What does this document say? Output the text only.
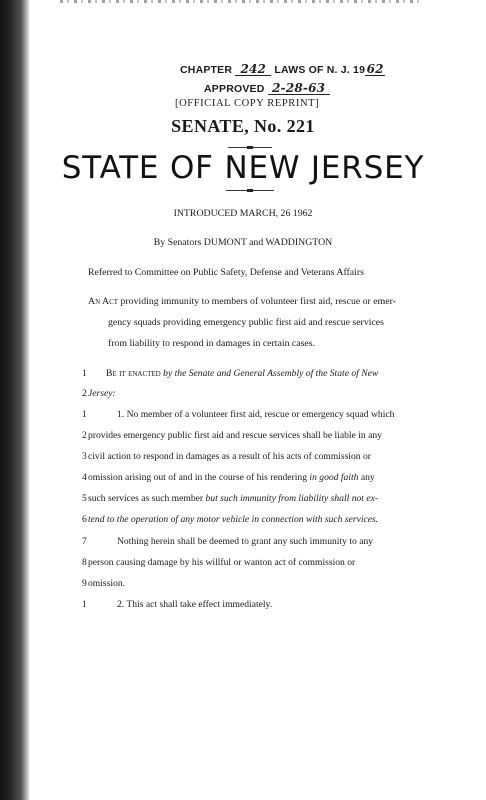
CHAPTER 242 LAWS OF N. J. 1962
APPROVED 2-28-63
[OFFICIAL COPY REPRINT]
SENATE, No. 221
STATE OF NEW JERSEY
INTRODUCED MARCH, 26 1962
By Senators DUMONT and WADDINGTON
Referred to Committee on Public Safety, Defense and Veterans Affairs
An Act providing immunity to members of volunteer first aid, rescue or emer-
gency squads providing emergency public first aid and rescue services
from liability to respond in damages in certain cases.
1	Be it enacted by the Senate and General Assembly of the State of New
2 Jersey:
1	1. No member of a volunteer first aid, rescue or emergency squad which
2 provides emergency public first aid and rescue services shall be liable in any
3 civil action to respond in damages as a result of his acts of commission or
4 omission arising out of and in the course of his rendering in good faith any
5 such services as such member but such immunity from liability shall not ex-
6 tend to the operation of any motor vehicle in connection with such services.
7	Nothing herein shall be deemed to grant any such immunity to any
8 person causing damage by his willful or wanton act of commission or
9 omission.
1	2. This act shall take effect immediately.
